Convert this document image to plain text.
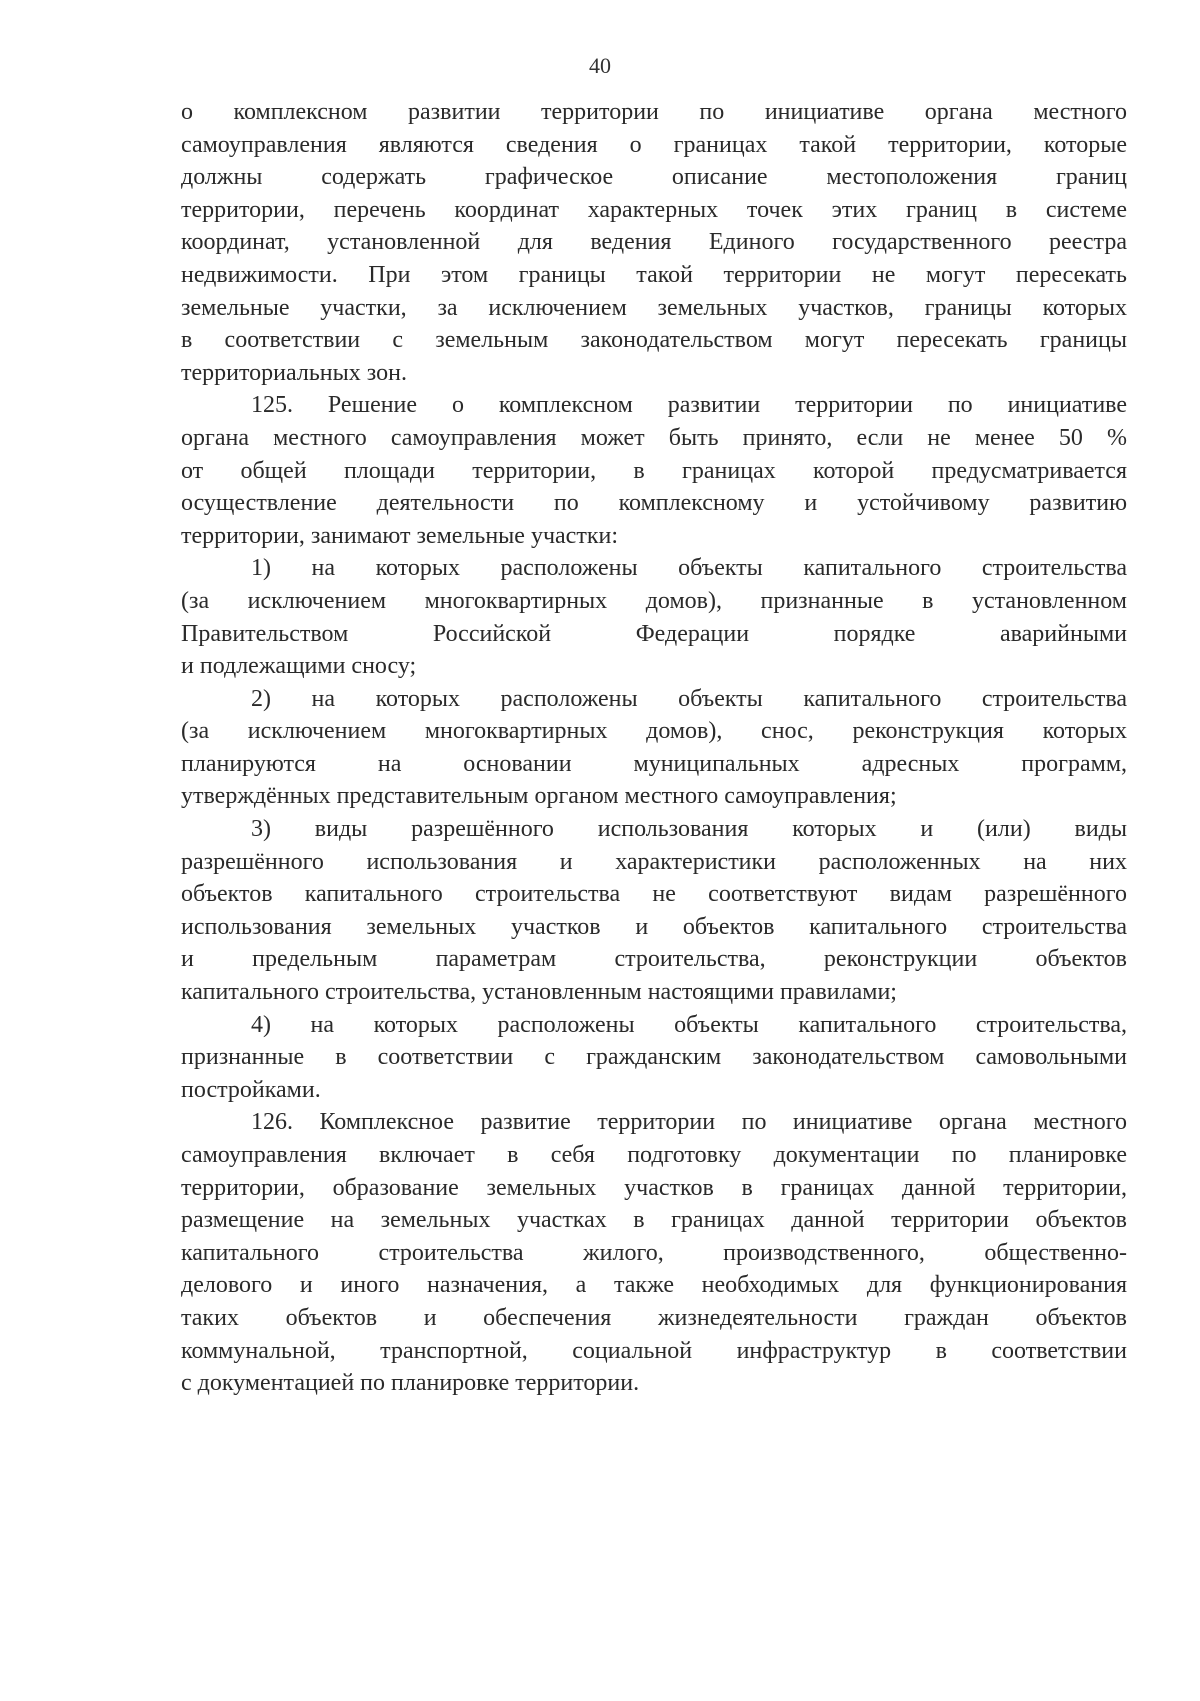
40
о комплексном развитии территории по инициативе органа местного
самоуправления являются сведения о границах такой территории, которые
должны содержать графическое описание местоположения границ
территории, перечень координат характерных точек этих границ в системе
координат, установленной для ведения Единого государственного реестра
недвижимости. При этом границы такой территории не могут пересекать
земельные участки, за исключением земельных участков, границы которых
в соответствии с земельным законодательством могут пересекать границы
территориальных зон.
125. Решение о комплексном развитии территории по инициативе
органа местного самоуправления может быть принято, если не менее 50 %
от общей площади территории, в границах которой предусматривается
осуществление деятельности по комплексному и устойчивому развитию
территории, занимают земельные участки:
1) на которых расположены объекты капитального строительства
(за исключением многоквартирных домов), признанные в установленном
Правительством Российской Федерации порядке аварийными
и подлежащими сносу;
2) на которых расположены объекты капитального строительства
(за исключением многоквартирных домов), снос, реконструкция которых
планируются на основании муниципальных адресных программ,
утверждённых представительным органом местного самоуправления;
3) виды разрешённого использования которых и (или) виды
разрешённого использования и характеристики расположенных на них
объектов капитального строительства не соответствуют видам разрешённого
использования земельных участков и объектов капитального строительства
и предельным параметрам строительства, реконструкции объектов
капитального строительства, установленным настоящими правилами;
4) на которых расположены объекты капитального строительства,
признанные в соответствии с гражданским законодательством самовольными
постройками.
126. Комплексное развитие территории по инициативе органа местного
самоуправления включает в себя подготовку документации по планировке
территории, образование земельных участков в границах данной территории,
размещение на земельных участках в границах данной территории объектов
капитального строительства жилого, производственного, общественно-
делового и иного назначения, а также необходимых для функционирования
таких объектов и обеспечения жизнедеятельности граждан объектов
коммунальной, транспортной, социальной инфраструктур в соответствии
с документацией по планировке территории.
